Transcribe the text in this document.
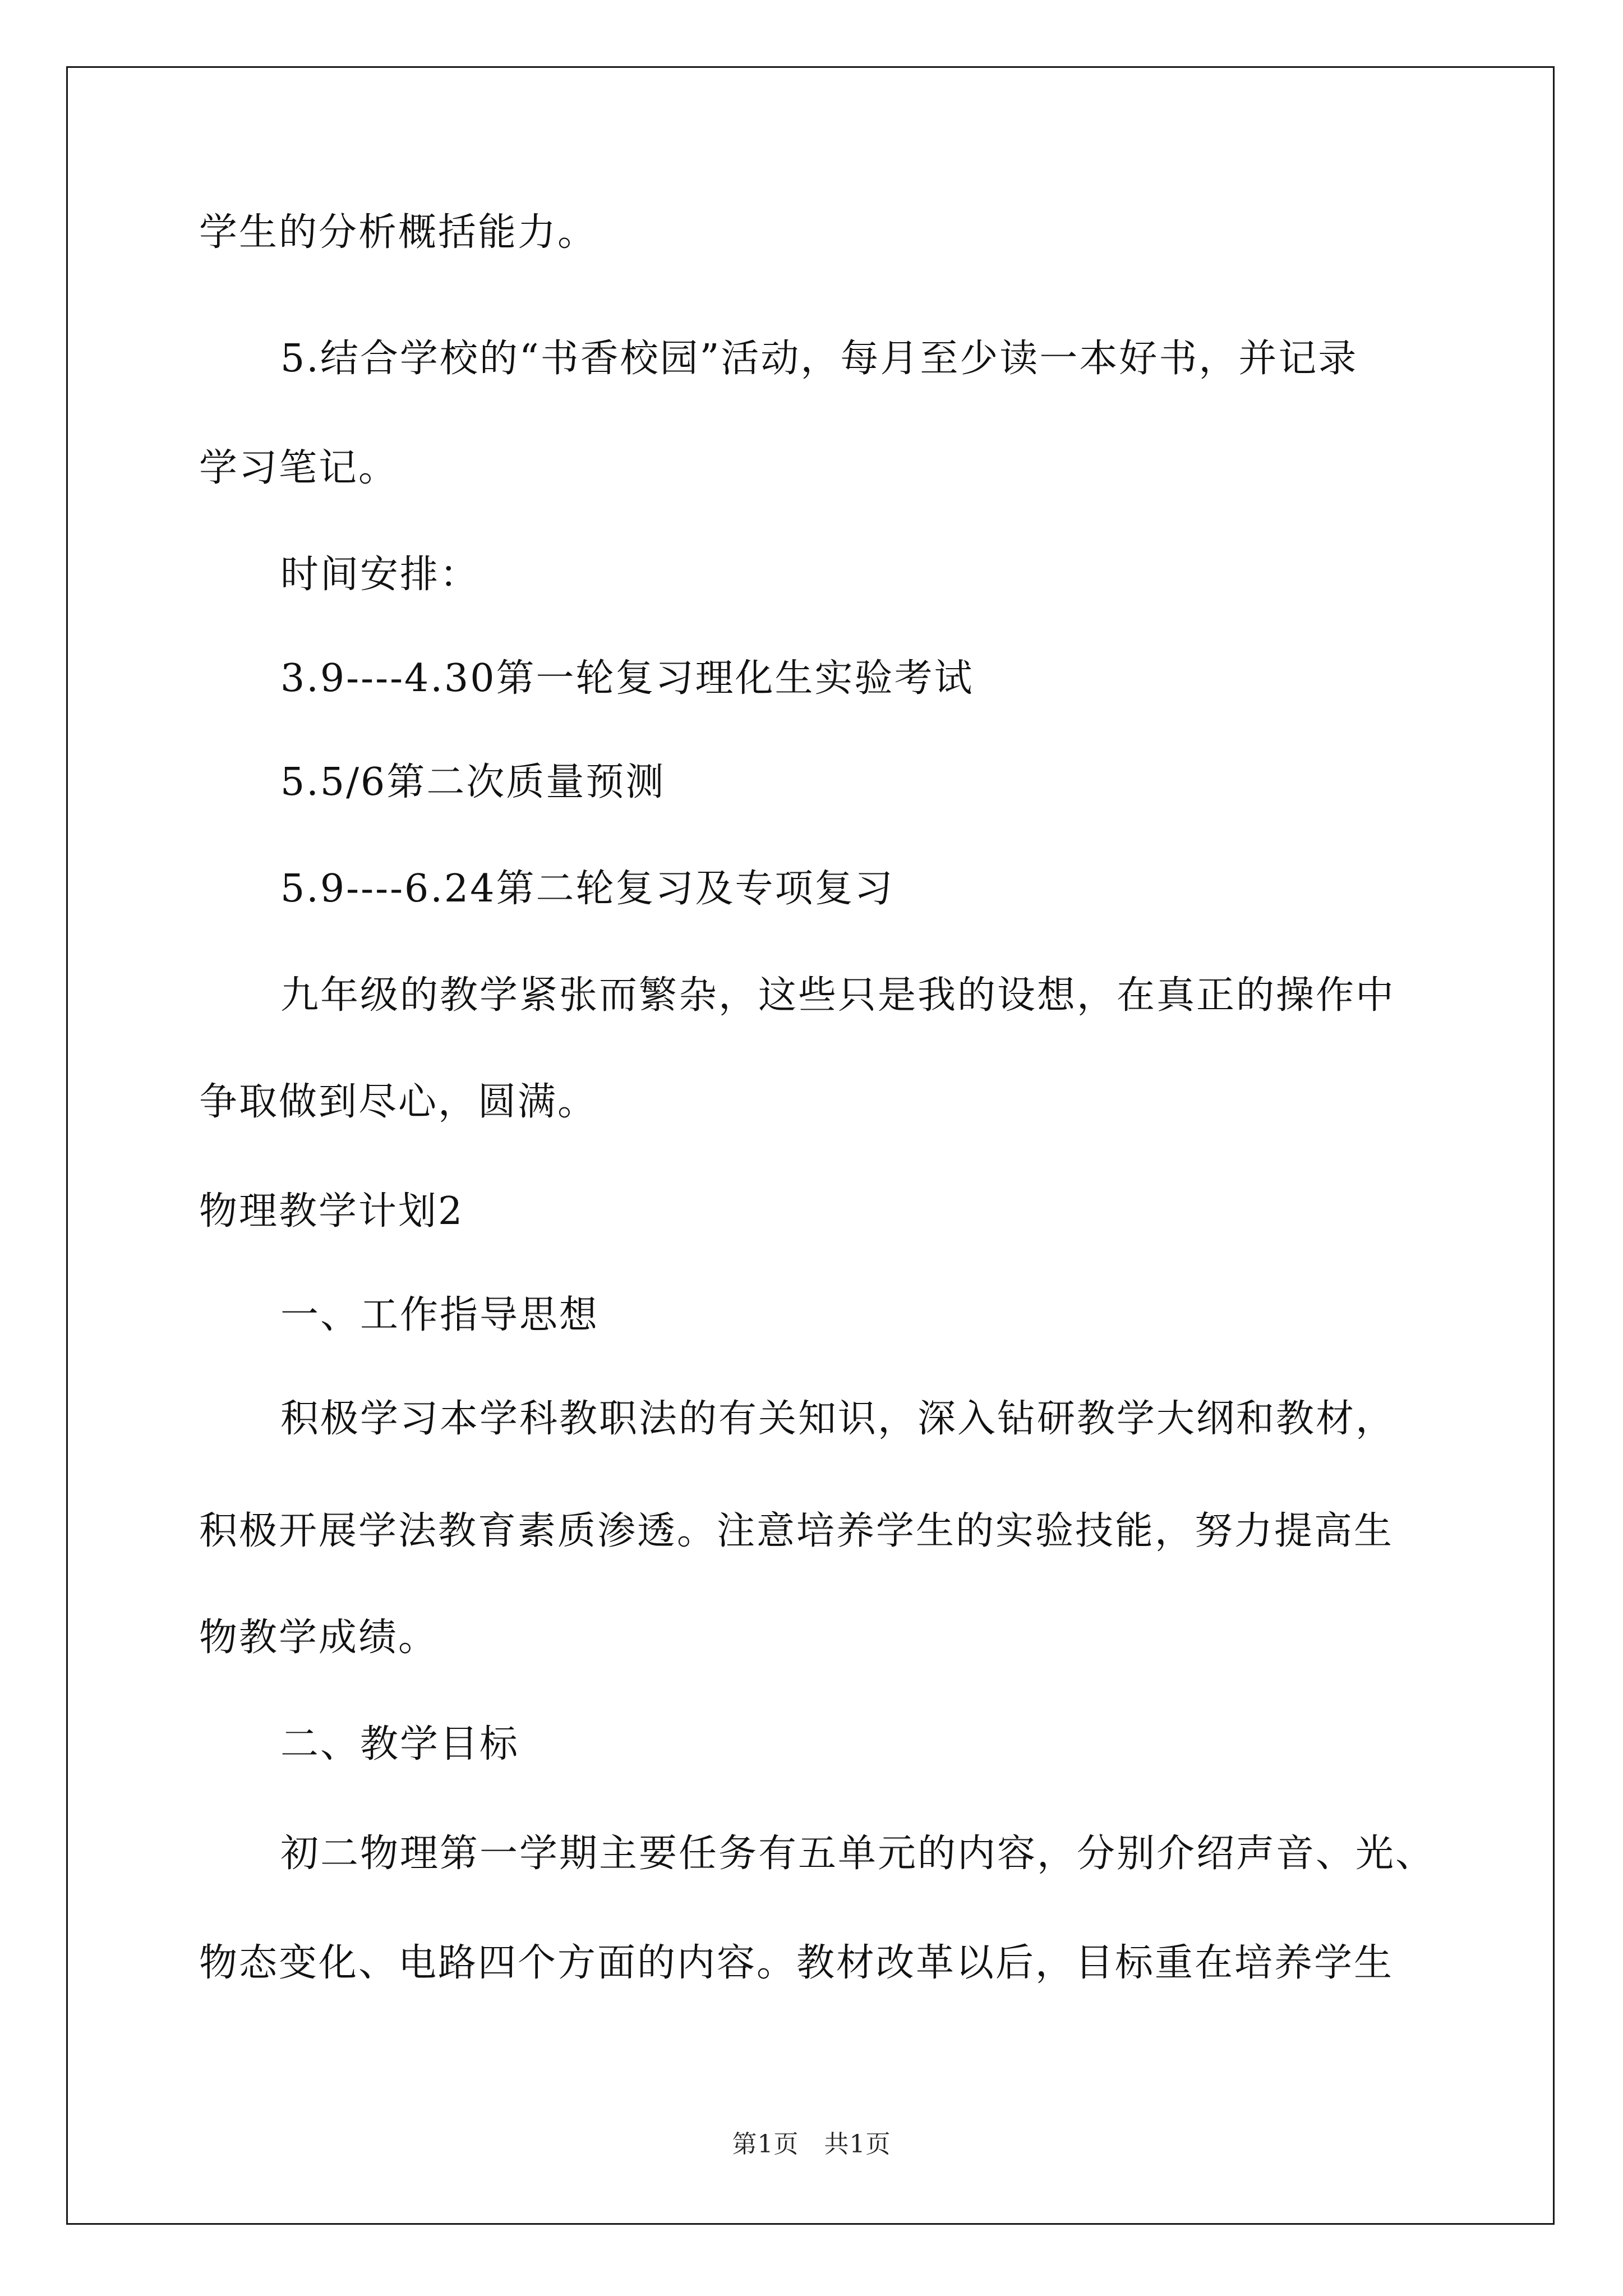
学生的分析概括能力。
5.结合学校的“书香校园”活动，每月至少读一本好书，并记录
学习笔记。
时间安排：
3.9----4.30第一轮复习理化生实验考试
5.5/6第二次质量预测
5.9----6.24第二轮复习及专项复习
九年级的教学紧张而繁杂，这些只是我的设想，在真正的操作中
争取做到尽心，圆满。
物理教学计划2
一、工作指导思想
积极学习本学科教职法的有关知识，深入钻研教学大纲和教材，
积极开展学法教育素质渗透。注意培养学生的实验技能，努力提高生
物教学成绩。
二、教学目标
初二物理第一学期主要任务有五单元的内容，分别介绍声音、光、
物态变化、电路四个方面的内容。教材改革以后，目标重在培养学生
第1页　共1页
